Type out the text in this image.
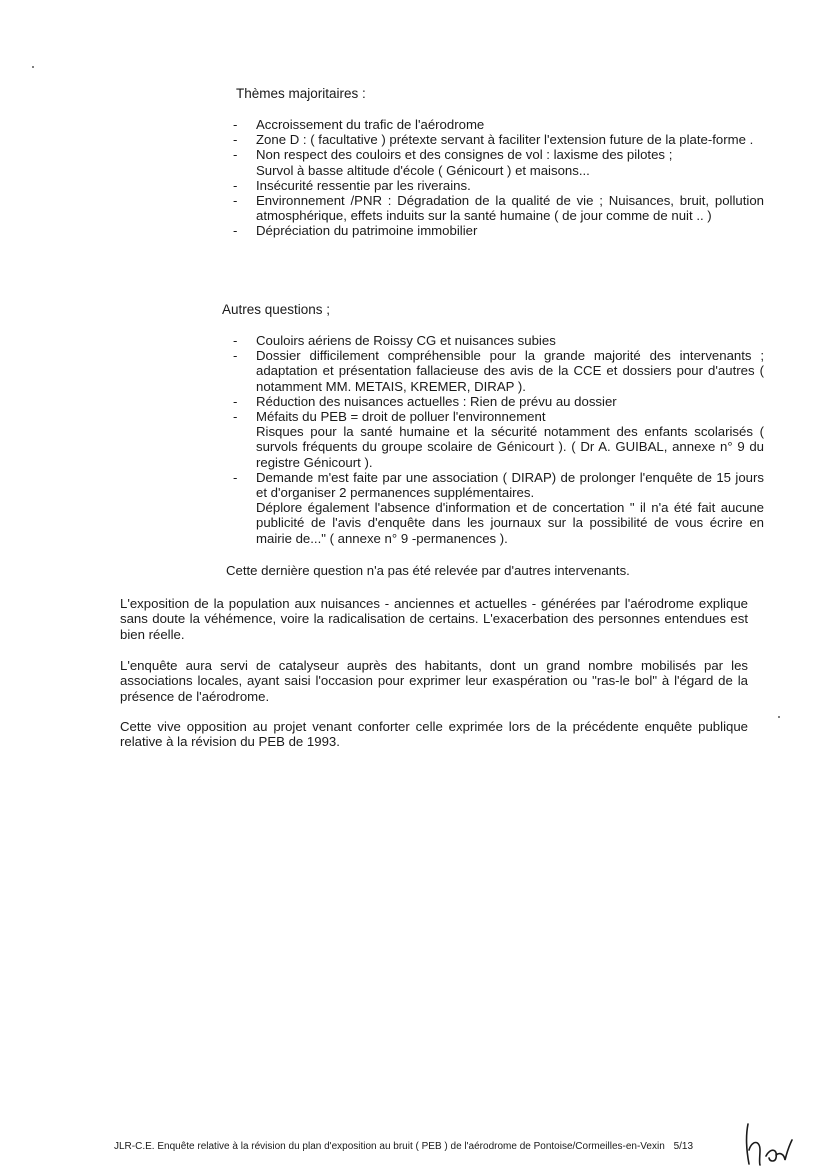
Thèmes majoritaires :

- Accroissement du trafic de l'aérodrome
- Zone D : ( facultative ) prétexte servant à faciliter l'extension future de la plate-forme .
- Non respect des couloirs et des consignes de vol : laxisme des pilotes ;
Survol à basse altitude d'école ( Génicourt ) et maisons...
- Insécurité ressentie par les riverains.
- Environnement /PNR : Dégradation de la qualité de vie ; Nuisances, bruit, pollution atmosphérique, effets induits sur la santé humaine ( de jour comme de nuit .. )
- Dépréciation du patrimoine immobilier

Autres questions ;

- Couloirs aériens de Roissy CG et nuisances subies
- Dossier difficilement compréhensible pour la grande majorité des intervenants ; adaptation et présentation fallacieuse des avis de la CCE et dossiers pour d'autres ( notamment MM. METAIS, KREMER, DIRAP ).
- Réduction des nuisances actuelles : Rien de prévu au dossier
- Méfaits du PEB = droit de polluer l'environnement
Risques pour la santé humaine et la sécurité notamment des enfants scolarisés ( survols fréquents du groupe scolaire de Génicourt ). ( Dr A. GUIBAL, annexe n° 9 du registre Génicourt ).
- Demande m'est faite par une association ( DIRAP) de prolonger l'enquête de 15 jours et d'organiser 2 permanences supplémentaires.
Déplore également l'absence d'information et de concertation " il n'a été fait aucune publicité de l'avis d'enquête dans les journaux sur la possibilité de vous écrire en mairie de..." ( annexe n° 9 -permanences ).

Cette dernière question n'a pas été relevée par d'autres intervenants.

L'exposition de la population aux nuisances - anciennes et actuelles - générées par l'aérodrome explique sans doute la véhémence, voire la radicalisation de certains. L'exacerbation des personnes entendues est bien réelle.

L'enquête aura servi de catalyseur auprès des habitants, dont un grand nombre mobilisés par les associations locales, ayant saisi l'occasion pour exprimer leur exaspération ou "ras-le bol" à l'égard de la présence de l'aérodrome.

Cette vive opposition au projet venant conforter celle exprimée lors de la précédente enquête publique relative à la révision du PEB de 1993.

JLR-C.E. Enquête relative à la révision du plan d'exposition au bruit ( PEB ) de l'aérodrome de Pontoise/Cormeilles-en-Vexin 5/13
